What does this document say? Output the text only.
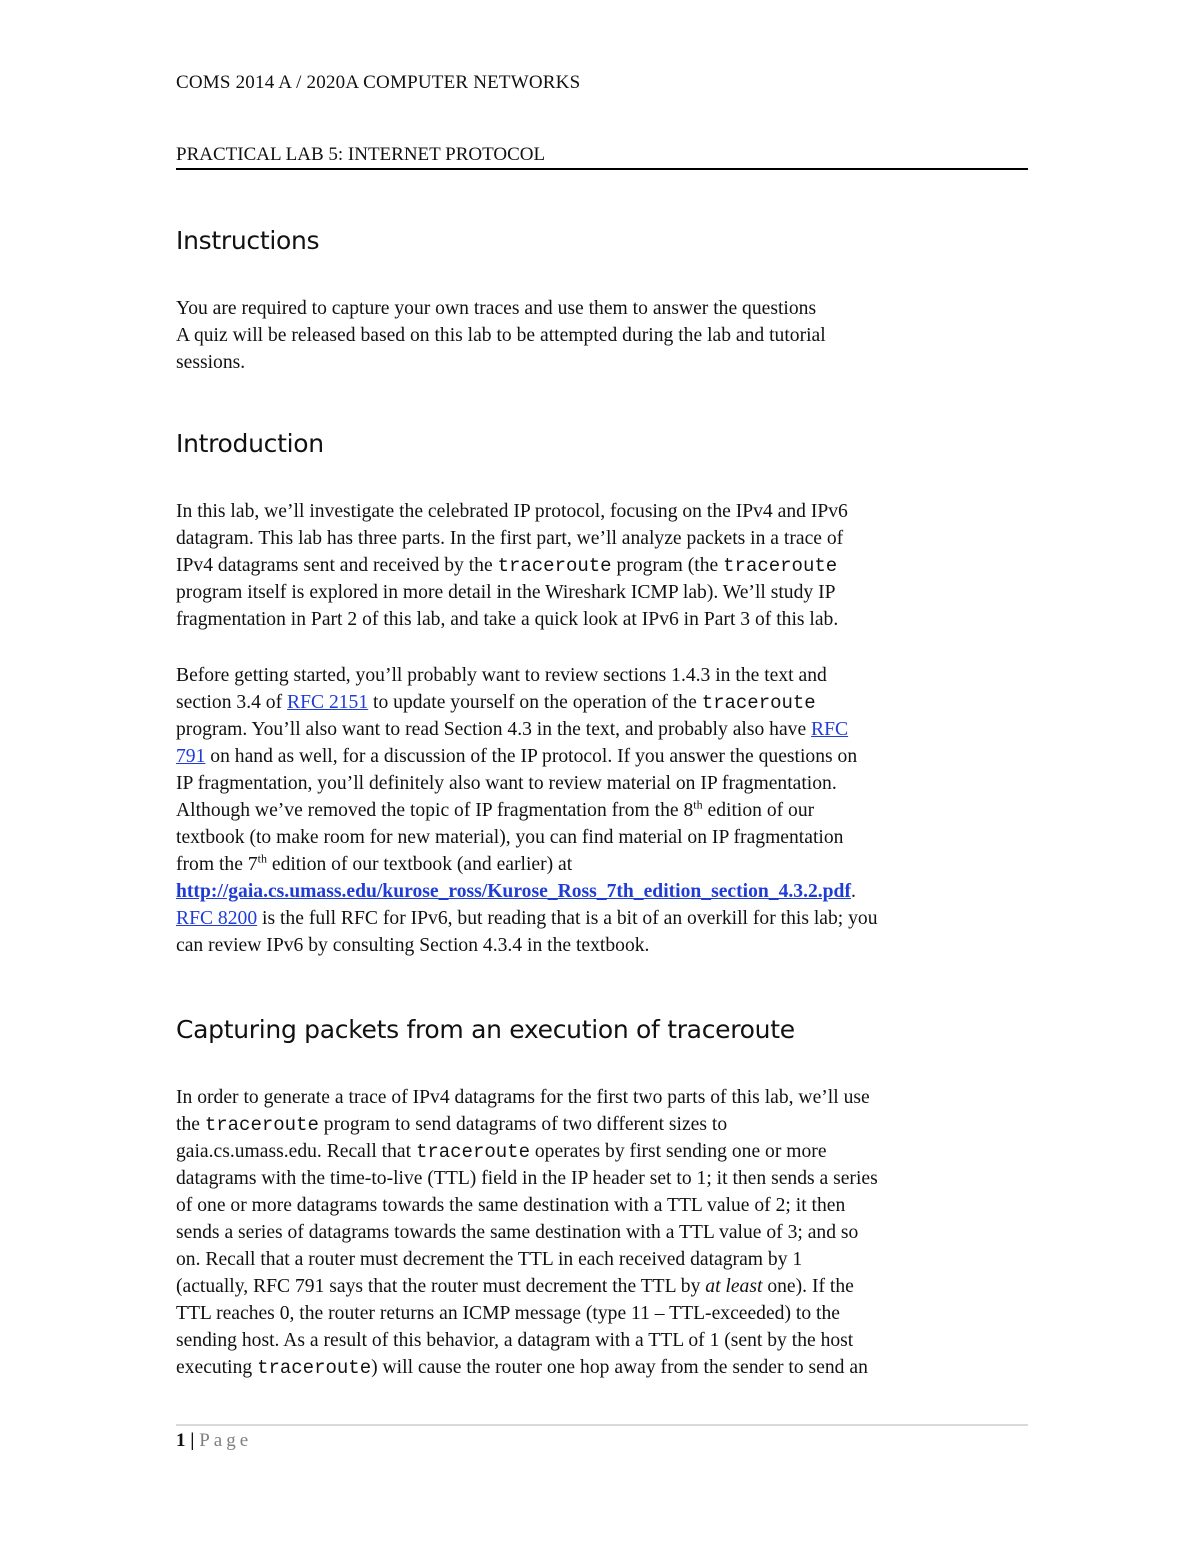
COMS 2014 A / 2020A COMPUTER NETWORKS
PRACTICAL LAB 5: INTERNET PROTOCOL
Instructions
You are required to capture your own traces and use them to answer the questions
A quiz will be released based on this lab to be attempted during the lab and tutorial
sessions.
Introduction
In this lab, we’ll investigate the celebrated IP protocol, focusing on the IPv4 and IPv6
datagram. This lab has three parts. In the first part, we’ll analyze packets in a trace of
IPv4 datagrams sent and received by the traceroute program (the traceroute
program itself is explored in more detail in the Wireshark ICMP lab). We’ll study IP
fragmentation in Part 2 of this lab, and take a quick look at IPv6 in Part 3 of this lab.
Before getting started, you’ll probably want to review sections 1.4.3 in the text and
section 3.4 of RFC 2151 to update yourself on the operation of the traceroute
program. You’ll also want to read Section 4.3 in the text, and probably also have RFC
791 on hand as well, for a discussion of the IP protocol. If you answer the questions on
IP fragmentation, you’ll definitely also want to review material on IP fragmentation.
Although we’ve removed the topic of IP fragmentation from the 8th edition of our
textbook (to make room for new material), you can find material on IP fragmentation
from the 7th edition of our textbook (and earlier) at
http://gaia.cs.umass.edu/kurose_ross/Kurose_Ross_7th_edition_section_4.3.2.pdf.
RFC 8200 is the full RFC for IPv6, but reading that is a bit of an overkill for this lab; you
can review IPv6 by consulting Section 4.3.4 in the textbook.
Capturing packets from an execution of traceroute
In order to generate a trace of IPv4 datagrams for the first two parts of this lab, we’ll use
the traceroute program to send datagrams of two different sizes to
gaia.cs.umass.edu. Recall that traceroute operates by first sending one or more
datagrams with the time-to-live (TTL) field in the IP header set to 1; it then sends a series
of one or more datagrams towards the same destination with a TTL value of 2; it then
sends a series of datagrams towards the same destination with a TTL value of 3; and so
on. Recall that a router must decrement the TTL in each received datagram by 1
(actually, RFC 791 says that the router must decrement the TTL by at least one). If the
TTL reaches 0, the router returns an ICMP message (type 11 – TTL-exceeded) to the
sending host. As a result of this behavior, a datagram with a TTL of 1 (sent by the host
executing traceroute) will cause the router one hop away from the sender to send an
1 | Page
